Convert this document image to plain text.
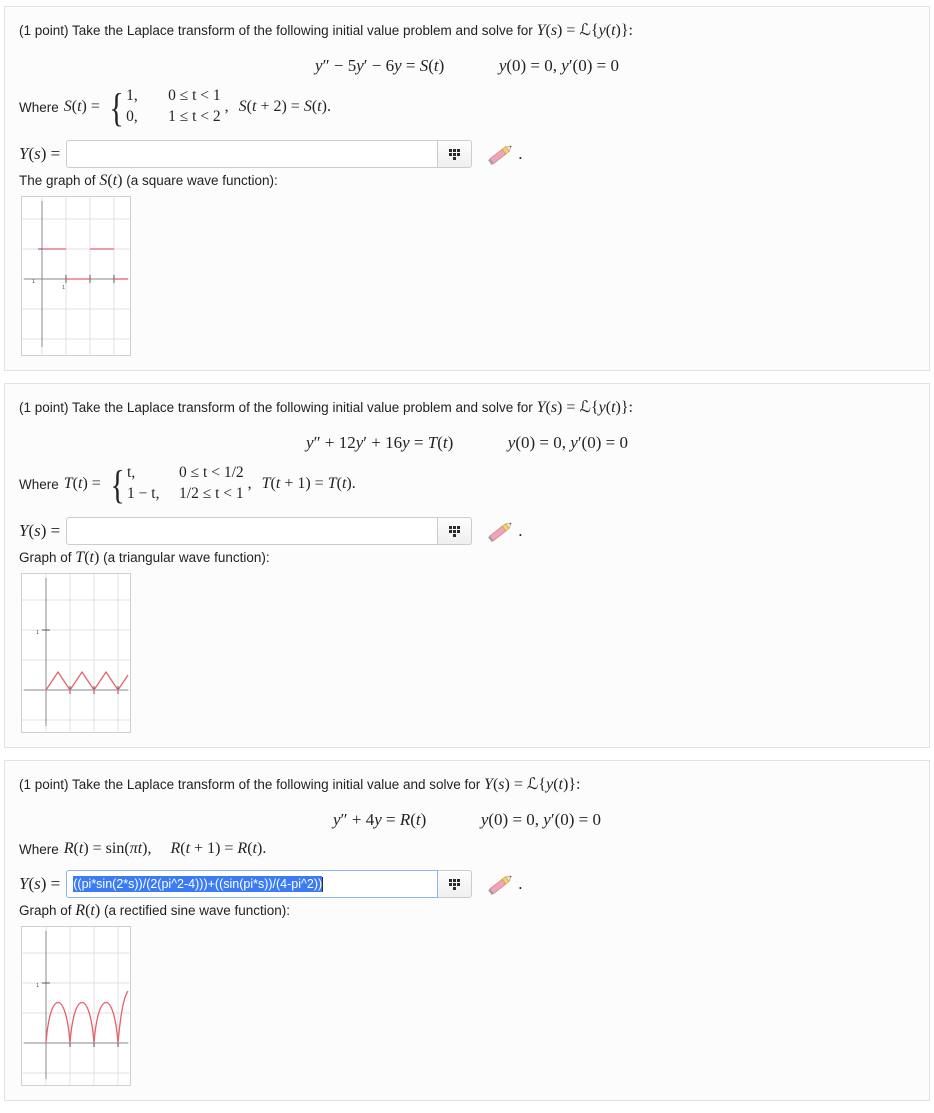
(1 point) Take the Laplace transform of the following initial value problem and solve for Y(s) = ℒ{y(t)}:
y″ − 5y′ − 6y = S(t)	y(0) = 0, y′(0) = 0
Where S(t) = { 1,	0 ≤ t < 1
0,	1 ≤ t < 2
, S(t + 2) = S(t).
Y(s) =	.
The graph of S(t) (a square wave function):
1
1
(1 point) Take the Laplace transform of the following initial value problem and solve for Y(s) = ℒ{y(t)}:
y″ + 12y′ + 16y = T(t)	y(0) = 0, y′(0) = 0
Where T(t) = { t,	0 ≤ t < 1/2
1 − t,	1/2 ≤ t < 1
, T(t + 1) = T(t).
Y(s) =	.
Graph of T(t) (a triangular wave function):
1
(1 point) Take the Laplace transform of the following initial value and solve for Y(s) = ℒ{y(t)}:
y″ + 4y = R(t)	y(0) = 0, y′(0) = 0
Where R(t) = sin(πt), R(t + 1) = R(t).
Y(s) = ((pi*sin(2*s))/(2(pi^2-4)))+((sin(pi*s))/(4-pi^2))	.
Graph of R(t) (a rectified sine wave function):
1
